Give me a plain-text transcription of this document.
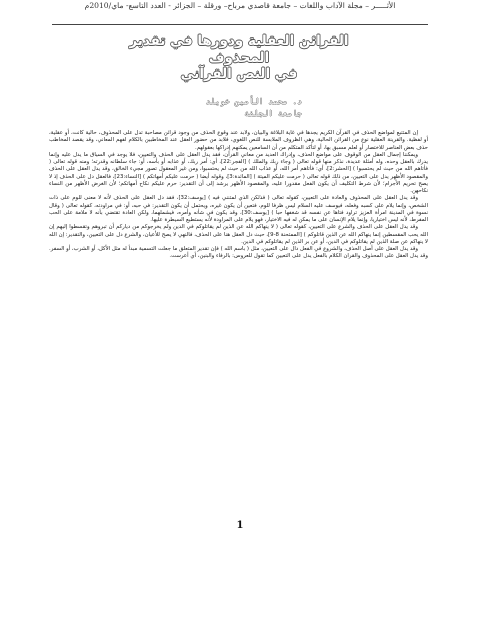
الأثـــــر – مجلة الآداب واللغات – جامعة قاصدي مرباح– ورقلة – الجزائر - العدد التاسع- ماي/2010م
القرائن العقلية ودورها في تقدير
المحذوف
في النص القرآني
د. محمد الأمين خويلد
جامعة الجلفة

إن المتتبع لمواضع الحذف في القرآن الكريم يجدها في غاية البلاغة والبيان، ولابد عند وقوع الحذف من وجود قرائن مصاحبة تدل على المحذوف، حالية كانت، أو عقلية، أو لفظية. والقرينة العقلية نوع من القرائن الحالية، وهي الظروف الملابسة للنص اللغوي، فلابد من حضور العقل عند المخاطبين بالكلام لفهم المعاني، وقد يقصد المخاطب حذف بعض العناصر للاختصار أو لعلم مسبق بها، أو لتأكد المتكلم من أن السامعين يمكنهم إدراكها بعقولهم.

ويمكننا إجمال العقل من الوقوف على مواضع الحذف، وإدراك العديد من معاني القرآن، فقد يدل العقل على الحذف والتعيين، فلا يوجد في السياق ما يدل عليه وإنما يدرك بالعقل وحده، وله أمثلة عديدة، نذكر منها قوله تعالى ( وجاء ربك والملك ) [الفجر:22]، أي: أمر ربك، أو عذابه أو بأسه، أو: جاء سلطانه وقدرته؛ ومنه قوله تعالى ( فأتاهم الله من حيث لم يحتسبوا ) [الحشر:2]، أي: فأتاهم أمر الله، أو عذاب الله من حيث لم يحتسبوا، ومن غير المعقول تصور مجيء الخالق، وقد يدل العقل على الحذف والمقصود الأظهر يدل على التعيين، من ذلك قوله تعالى ( حرمت عليكم الميتة ) [المائدة:3]، وقوله أيضا ( حرمت عليكم أمهاتكم ) [النساء:23]، فالعقل دل على الحذف إذ لا يصح تحريم الأجرام؛ لأن شرط التكليف أن يكون الفعل مقدورا عليه، والمقصود الأظهر يرشد إلى أن التقدير: حرم عليكم نكاح أمهاتكم؛ لأن الغرض الأظهر من النساء نكاحهن.

وقد يدل العقل على المحذوف والعادة على التعيين، كقوله تعالى ( فذلكن الذي لمتنني فيه ) [يوسف:32]، فقد دل العقل على الحذف لأنه لا معنى للوم على ذات الشخص، وإنما يلام على كسبه وفعله، فيوسف عليه السلام ليس ظرفا للوم، فتعين أن يكون غيره، ويحتمل أن يكون التقدير: في حبه، أو: في مراودته، كقوله تعالى ( وقال نسوة في المدينة امرأة العزيز تراود فتاها عن نفسه قد شغفها حبا ) [يوسف:30]، وقد يكون في شأنه وأمره، فيشملهما، ولكن العادة تقتضي بأنه لا ملامة على الحب المفرط، لأنه ليس اختياريا، وإنما يلام الإنسان على ما يمكن له فيه الاختيار، فهو يلام على المراودة لأنه يستطيع السيطرة عليها.

وقد يدل العقل على الحذف والشرع على التعيين، كقوله تعالى ( لا ينهاكم الله عن الذين لم يقاتلوكم في الدين ولم يخرجوكم من دياركم أن تبروهم وتقسطوا إليهم إن الله يحب المقسطين إنما ينهاكم الله عن الذين قاتلوكم ) [الممتحنة 8-9]، حيث دل العقل هنا على الحذف، فالنهي لا يصح للأعيان، والشرع دل على التعيين، والتقدير: إن الله لا ينهاكم عن صلة الذين لم يقاتلوكم في الدين، أو عن بر الذين لم يقاتلوكم في الدين.

وقد يدل العقل على أصل الحذف، والشروع في الفعل دال على التعيين، مثل ( باسم الله ) فإن تقدير المتعلق ما جعلت التسمية مبدأ له مثل الأكل، أو الشرب، أو السفر. وقد يدل العقل على المحذوف والقران الكلام بالفعل يدل على التعيين كما تقول للعروس: بالرفاء والبنين، أي أعرست.

1
